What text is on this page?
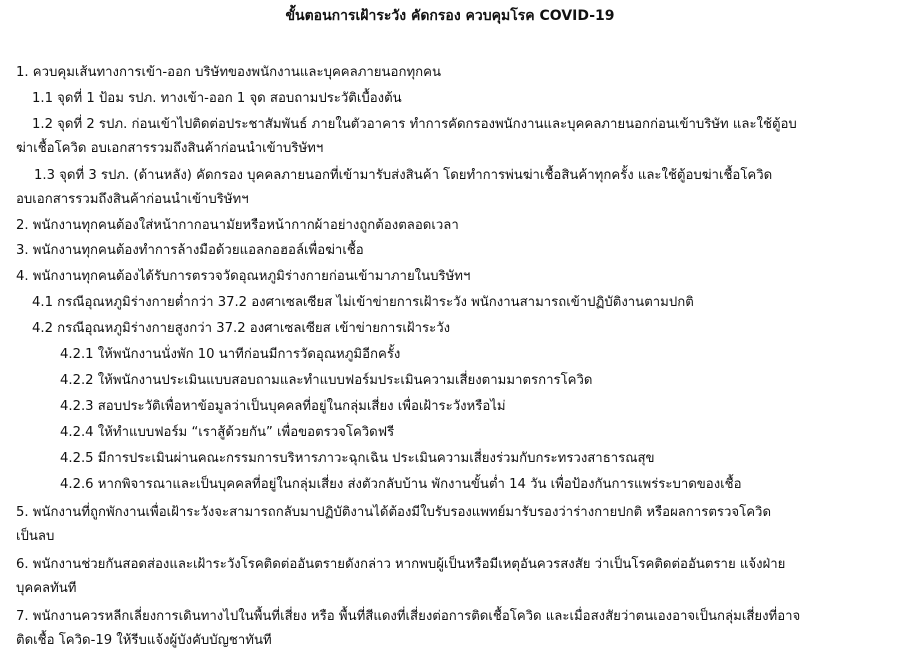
ขั้นตอนการเฝ้าระวัง คัดกรอง ควบคุมโรค COVID-19
1. ควบคุมเส้นทางการเข้า-ออก บริษัทของพนักงานและบุคคลภายนอกทุกคน
1.1 จุดที่ 1 ป้อม รปภ. ทางเข้า-ออก 1 จุด สอบถามประวัติเบื้องต้น
1.2 จุดที่ 2 รปภ. ก่อนเข้าไปติดต่อประชาสัมพันธ์ ภายในตัวอาคาร ทำการคัดกรองพนักงานและบุคคลภายนอกก่อนเข้าบริษัท และใช้ตู้อบ
ฆ่าเชื้อโควิด อบเอกสารรวมถึงสินค้าก่อนนำเข้าบริษัทฯ
1.3 จุดที่ 3 รปภ. (ด้านหลัง) คัดกรอง บุคคลภายนอกที่เข้ามารับส่งสินค้า โดยทำการพ่นฆ่าเชื้อสินค้าทุกครั้ง และใช้ตู้อบฆ่าเชื้อโควิด
อบเอกสารรวมถึงสินค้าก่อนนำเข้าบริษัทฯ
2. พนักงานทุกคนต้องใส่หน้ากากอนามัยหรือหน้ากากผ้าอย่างถูกต้องตลอดเวลา
3. พนักงานทุกคนต้องทำการล้างมือด้วยแอลกอฮอล์เพื่อฆ่าเชื้อ
4. พนักงานทุกคนต้องได้รับการตรวจวัดอุณหภูมิร่างกายก่อนเข้ามาภายในบริษัทฯ
4.1 กรณีอุณหภูมิร่างกายต่ำกว่า 37.2 องศาเซลเซียส ไม่เข้าข่ายการเฝ้าระวัง พนักงานสามารถเข้าปฏิบัติงานตามปกติ
4.2 กรณีอุณหภูมิร่างกายสูงกว่า 37.2 องศาเซลเซียส เข้าข่ายการเฝ้าระวัง
4.2.1 ให้พนักงานนั่งพัก 10 นาทีก่อนมีการวัดอุณหภูมิอีกครั้ง
4.2.2 ให้พนักงานประเมินแบบสอบถามและทำแบบฟอร์มประเมินความเสี่ยงตามมาตรการโควิด
4.2.3 สอบประวัติเพื่อหาข้อมูลว่าเป็นบุคคลที่อยู่ในกลุ่มเสี่ยง เพื่อเฝ้าระวังหรือไม่
4.2.4 ให้ทำแบบฟอร์ม “เราสู้ด้วยกัน” เพื่อขอตรวจโควิดฟรี
4.2.5 มีการประเมินผ่านคณะกรรมการบริหารภาวะฉุกเฉิน ประเมินความเสี่ยงร่วมกับกระทรวงสาธารณสุข
4.2.6 หากพิจารณาและเป็นบุคคลที่อยู่ในกลุ่มเสี่ยง ส่งตัวกลับบ้าน พักงานขั้นต่ำ 14 วัน เพื่อป้องกันการแพร่ระบาดของเชื้อ
5. พนักงานที่ถูกพักงานเพื่อเฝ้าระวังจะสามารถกลับมาปฏิบัติงานได้ต้องมีใบรับรองแพทย์มารับรองว่าร่างกายปกติ หรือผลการตรวจโควิด
เป็นลบ
6. พนักงานช่วยกันสอดส่องและเฝ้าระวังโรคติดต่ออันตรายดังกล่าว หากพบผู้เป็นหรือมีเหตุอันควรสงสัย ว่าเป็นโรคติดต่ออันตราย แจ้งฝ่าย
บุคคลทันที
7. พนักงานควรหลีกเลี่ยงการเดินทางไปในพื้นที่เสี่ยง หรือ พื้นที่สีแดงที่เสี่ยงต่อการติดเชื้อโควิด และเมื่อสงสัยว่าตนเองอาจเป็นกลุ่มเสี่ยงที่อาจ
ติดเชื้อ โควิด-19 ให้รีบแจ้งผู้บังคับบัญชาทันที
